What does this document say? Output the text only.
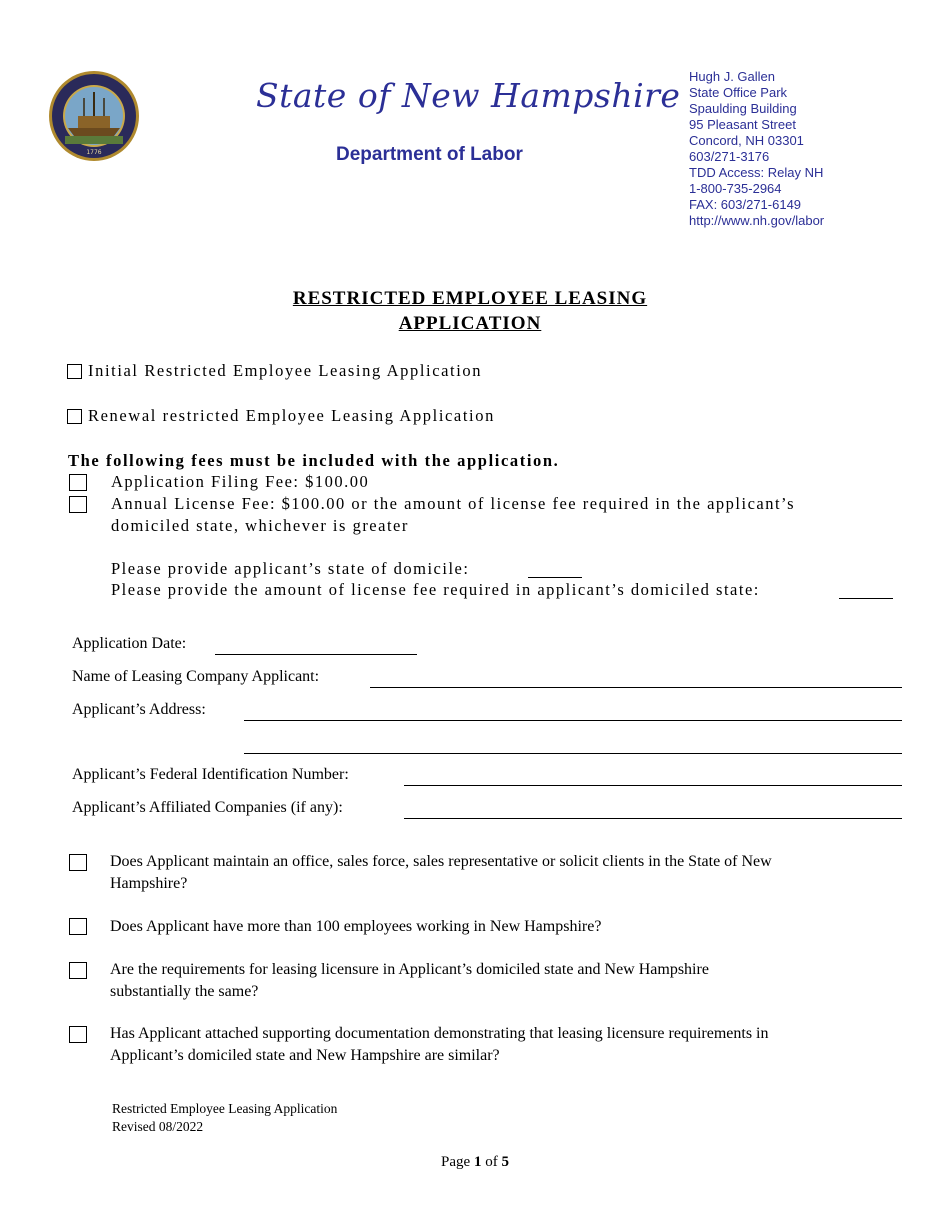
1776
State of New Hampshire
Department of Labor
Hugh J. Gallen
State Office Park
Spaulding Building
95 Pleasant Street
Concord, NH 03301
603/271-3176
TDD Access: Relay NH
1-800-735-2964
FAX: 603/271-6149
http://www.nh.gov/labor
RESTRICTED EMPLOYEE LEASING
APPLICATION
Initial Restricted Employee Leasing Application
Renewal restricted Employee Leasing Application
The following fees must be included with the application.
Application Filing Fee: $100.00
Annual License Fee: $100.00 or the amount of license fee required in the applicant’s
domiciled state, whichever is greater
Please provide applicant’s state of domicile:
Please provide the amount of license fee required in applicant’s domiciled state:
Application Date:
Name of Leasing Company Applicant:
Applicant’s Address:
Applicant’s Federal Identification Number:
Applicant’s Affiliated Companies (if any):
Does Applicant maintain an office, sales force, sales representative or solicit clients in the State of New
Hampshire?
Does Applicant have more than 100 employees working in New Hampshire?
Are the requirements for leasing licensure in Applicant’s domiciled state and New Hampshire
substantially the same?
Has Applicant attached supporting documentation demonstrating that leasing licensure requirements in
Applicant’s domiciled state and New Hampshire are similar?
Restricted Employee Leasing Application
Revised 08/2022
Page 1 of 5
